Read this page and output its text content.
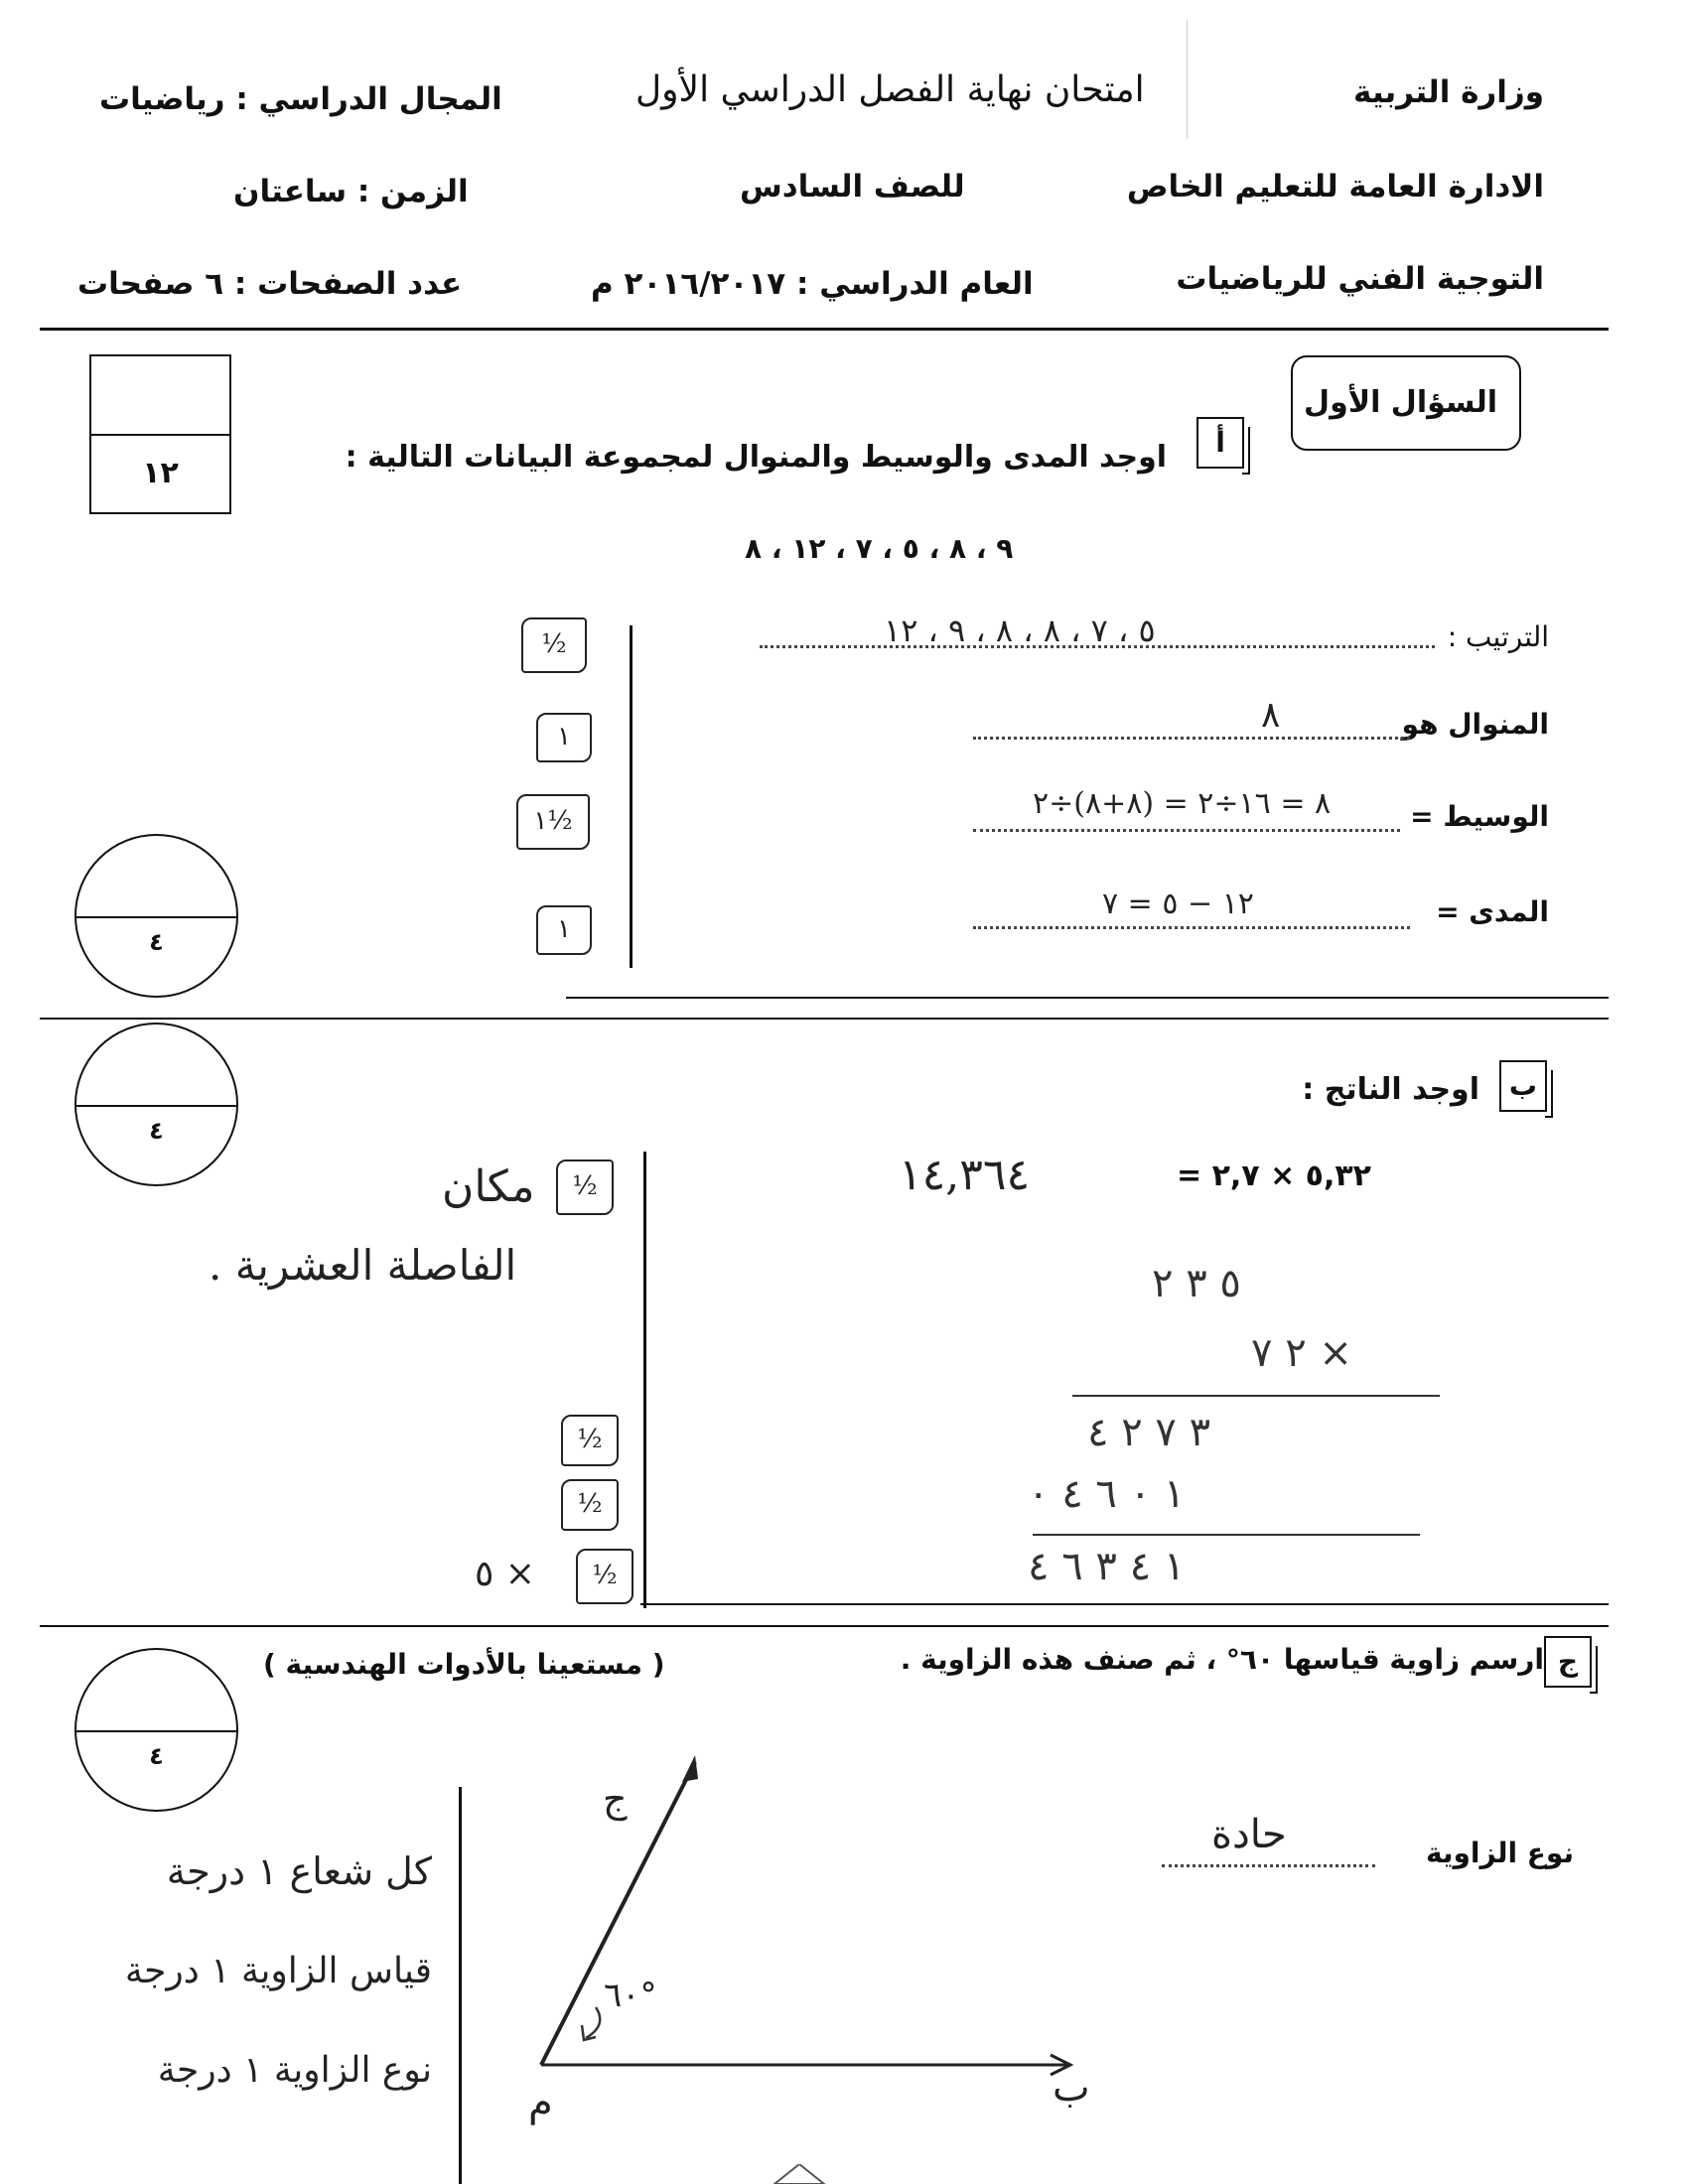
وزارة التربية
امتحان نهاية الفصل الدراسي الأول
المجال الدراسي : رياضيات
الادارة العامة للتعليم الخاص
للصف السادس
الزمن : ساعتان
التوجية الفني للرياضيات
العام الدراسي : ٢٠١٦/٢٠١٧ م
عدد الصفحات : ٦ صفحات
السؤال الأول
١٢
أ
اوجد المدى والوسيط والمنوال لمجموعة البيانات التالية :
٩ ، ٨ ، ٥ ، ٧ ، ١٢ ، ٨
الترتيب :
٥ ، ٧ ، ٨ ، ٨ ، ٩ ، ١٢
المنوال هو
٨
الوسيط =
٨ = ١٦÷٢ = (٨+٨)÷٢
المدى =
١٢ − ٥ = ٧
½
١
١½
١
٤
٤
ب
اوجد الناتج :
٥,٣٢ × ٢,٧ =
١٤,٣٦٤
٥ ٣ ٢
× ٢ ٧
٣ ٧ ٢ ٤
١ ٠ ٦ ٤ ٠
١ ٤ ٣ ٦ ٤
½
مكان
الفاصلة العشرية .
½
½
½
٥ ×
٤
ج
ارسم زاوية قياسها ٦٠° ، ثم صنف هذه الزاوية .
( مستعينا بالأدوات الهندسية )
٦٠°
ج
م	ب
نوع الزاوية
حادة
كل شعاع ١ درجة
قياس الزاوية ١ درجة
نوع الزاوية ١ درجة
